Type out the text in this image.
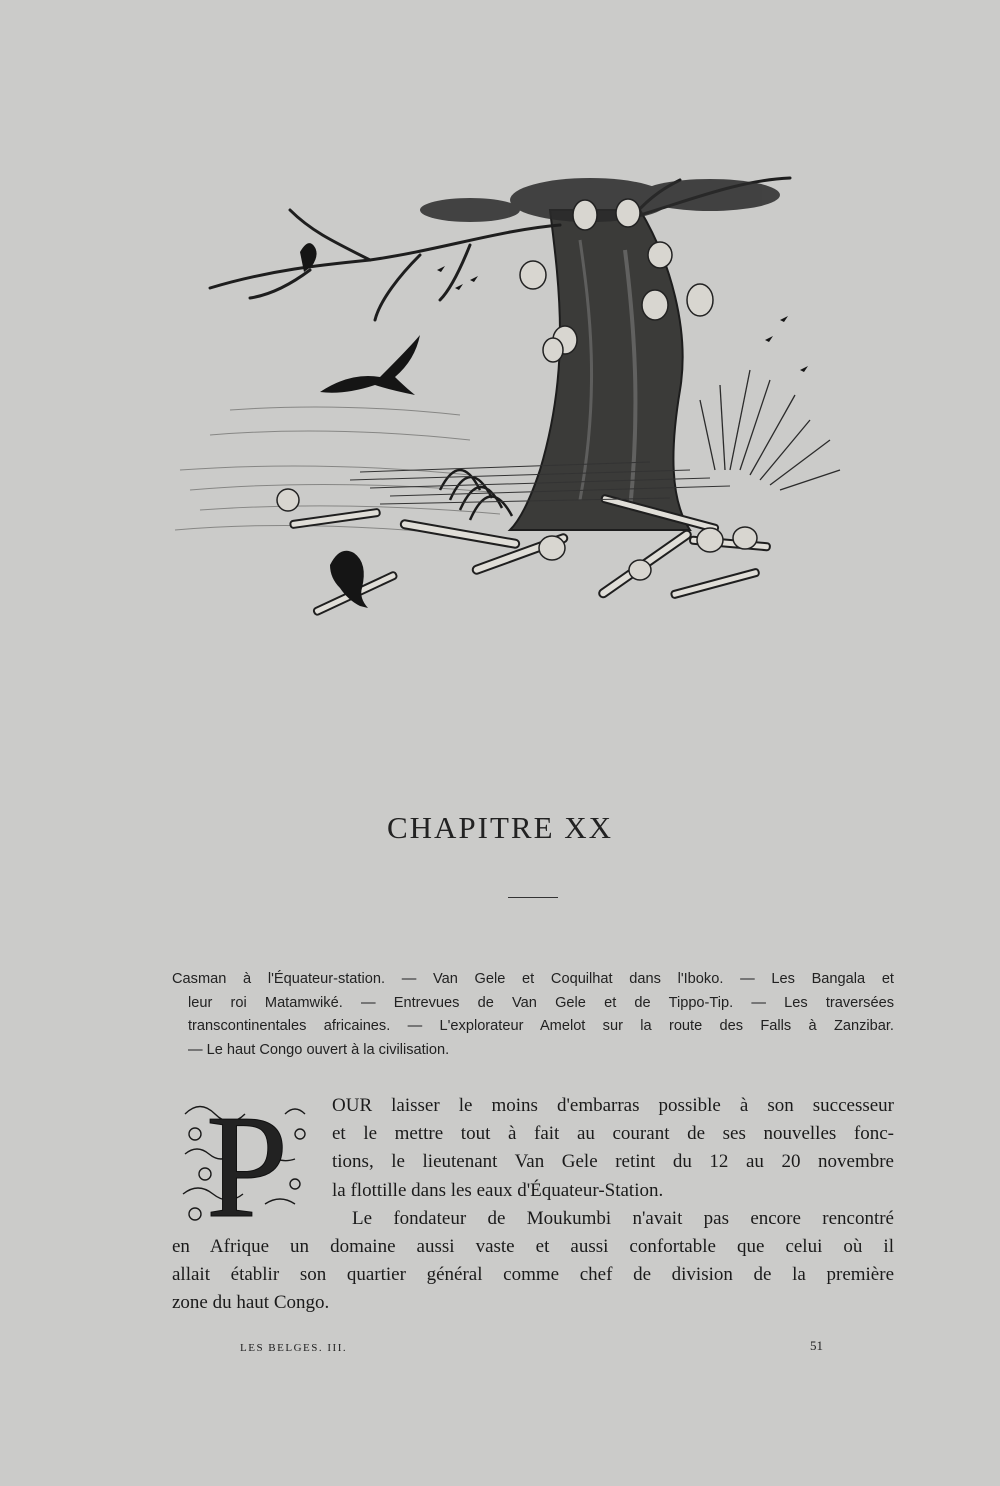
CHAPITRE XX
Casman à l'Équateur-station. — Van Gele et Coquilhat dans l'Iboko. — Les Bangala et
leur roi Matamwiké. — Entrevues de Van Gele et de Tippo-Tip. — Les traversées
transcontinentales africaines. — L'explorateur Amelot sur la route des Falls à Zanzibar.
— Le haut Congo ouvert à la civilisation.
P	OUR laisser le moins d'embarras possible à son successeur
et le mettre tout à fait au courant de ses nouvelles fonc-
tions, le lieutenant Van Gele retint du 12 au 20 novembre
la flottille dans les eaux d'Équateur-Station.
Le fondateur de Moukumbi n'avait pas encore rencontré
en Afrique un domaine aussi vaste et aussi confortable que celui où il
allait établir son quartier général comme chef de division de la première
zone du haut Congo.
LES BELGES. III.	51
